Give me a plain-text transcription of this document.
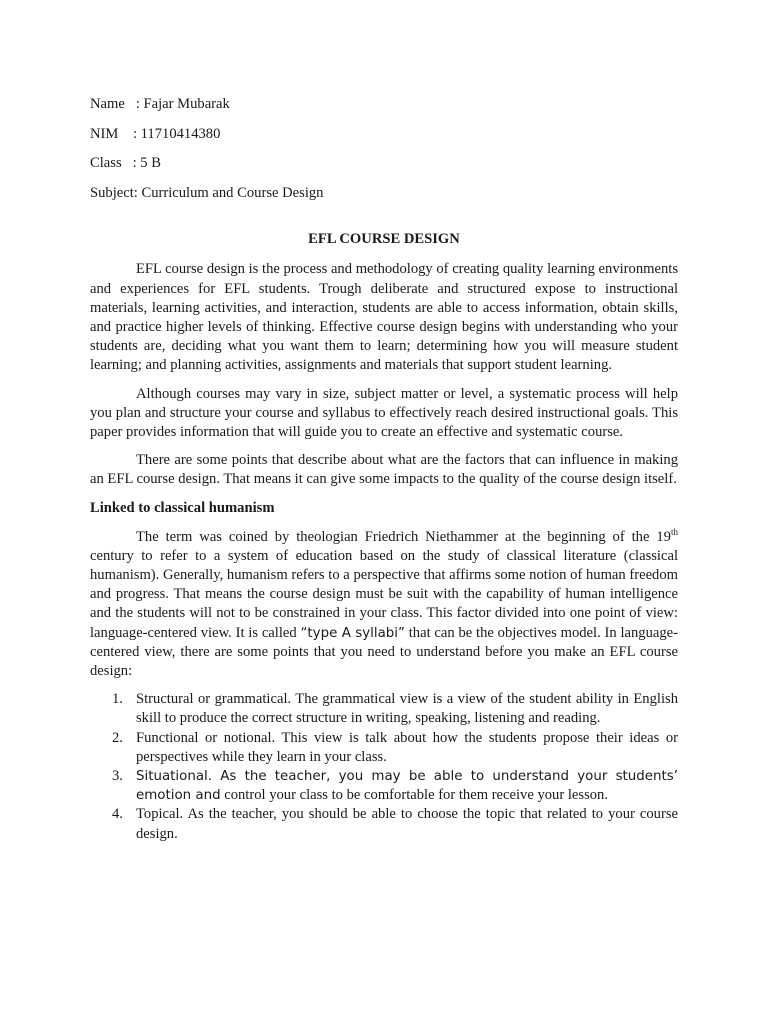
Name   : Fajar Mubarak
NIM    : 11710414380
Class   : 5 B
Subject: Curriculum and Course Design
EFL COURSE DESIGN

EFL course design is the process and methodology of creating quality learning environments and experiences for EFL students. Trough deliberate and structured expose to instructional materials, learning activities, and interaction, students are able to access information, obtain skills, and practice higher levels of thinking. Effective course design begins with understanding who your students are, deciding what you want them to learn; determining how you will measure student learning; and planning activities, assignments and materials that support student learning.

Although courses may vary in size, subject matter or level, a systematic process will help you plan and structure your course and syllabus to effectively reach desired instructional goals. This paper provides information that will guide you to create an effective and systematic course.

There are some points that describe about what are the factors that can influence in making an EFL course design. That means it can give some impacts to the quality of the course design itself.

Linked to classical humanism

The term was coined by theologian Friedrich Niethammer at the beginning of the 19th century to refer to a system of education based on the study of classical literature (classical humanism). Generally, humanism refers to a perspective that affirms some notion of human freedom and progress. That means the course design must be suit with the capability of human intelligence and the students will not to be constrained in your class. This factor divided into one point of view: language-centered view. It is called “type A syllabi” that can be the objectives model. In language-centered view, there are some points that you need to understand before you make an EFL course design:

1. Structural or grammatical. The grammatical view is a view of the student ability in English skill to produce the correct structure in writing, speaking, listening and reading.
2. Functional or notional. This view is talk about how the students propose their ideas or perspectives while they learn in your class.
3. Situational. As the teacher, you may be able to understand your students’ emotion and control your class to be comfortable for them receive your lesson.
4. Topical. As the teacher, you should be able to choose the topic that related to your course design.
